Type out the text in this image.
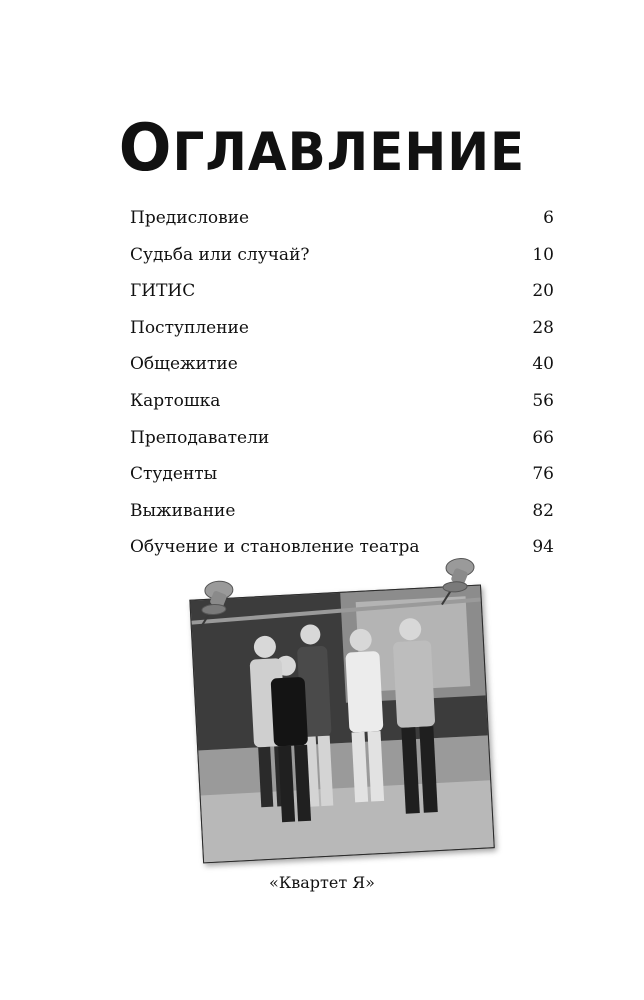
ОГЛАВЛЕНИЕ
Предисловие	6
Судьба или случай?	10
ГИТИС	20
Поступление	28
Общежитие	40
Картошка	56
Преподаватели	66
Студенты	76
Выживание	82
Обучение и становление театра	94
«Квартет Я»
